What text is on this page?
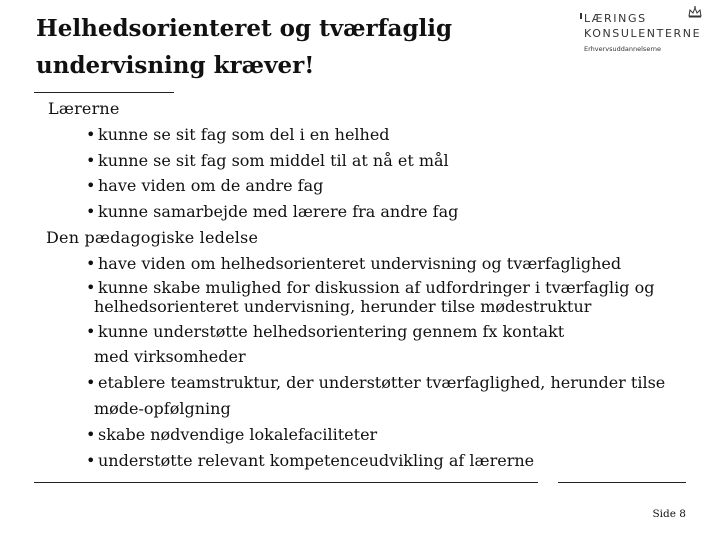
Helhedsorienteret og tværfaglig
undervisning kræver!
LÆRINGS
KONSULENTERNE
Erhvervsuddannelserne
Lærerne
• kunne se sit fag som del i en helhed
• kunne se sit fag som middel til at nå et mål
• have viden om de andre fag
• kunne samarbejde med lærere fra andre fag
Den pædagogiske ledelse
• have viden om helhedsorienteret undervisning og tværfaglighed
• kunne skabe mulighed for diskussion af udfordringer i tværfaglig og
helhedsorienteret undervisning, herunder tilse mødestruktur
• kunne understøtte helhedsorientering gennem fx kontakt
med virksomheder
• etablere teamstruktur, der understøtter tværfaglighed, herunder tilse
møde-opfølgning
• skabe nødvendige lokalefaciliteter
• understøtte relevant kompetenceudvikling af lærerne
Side 8
